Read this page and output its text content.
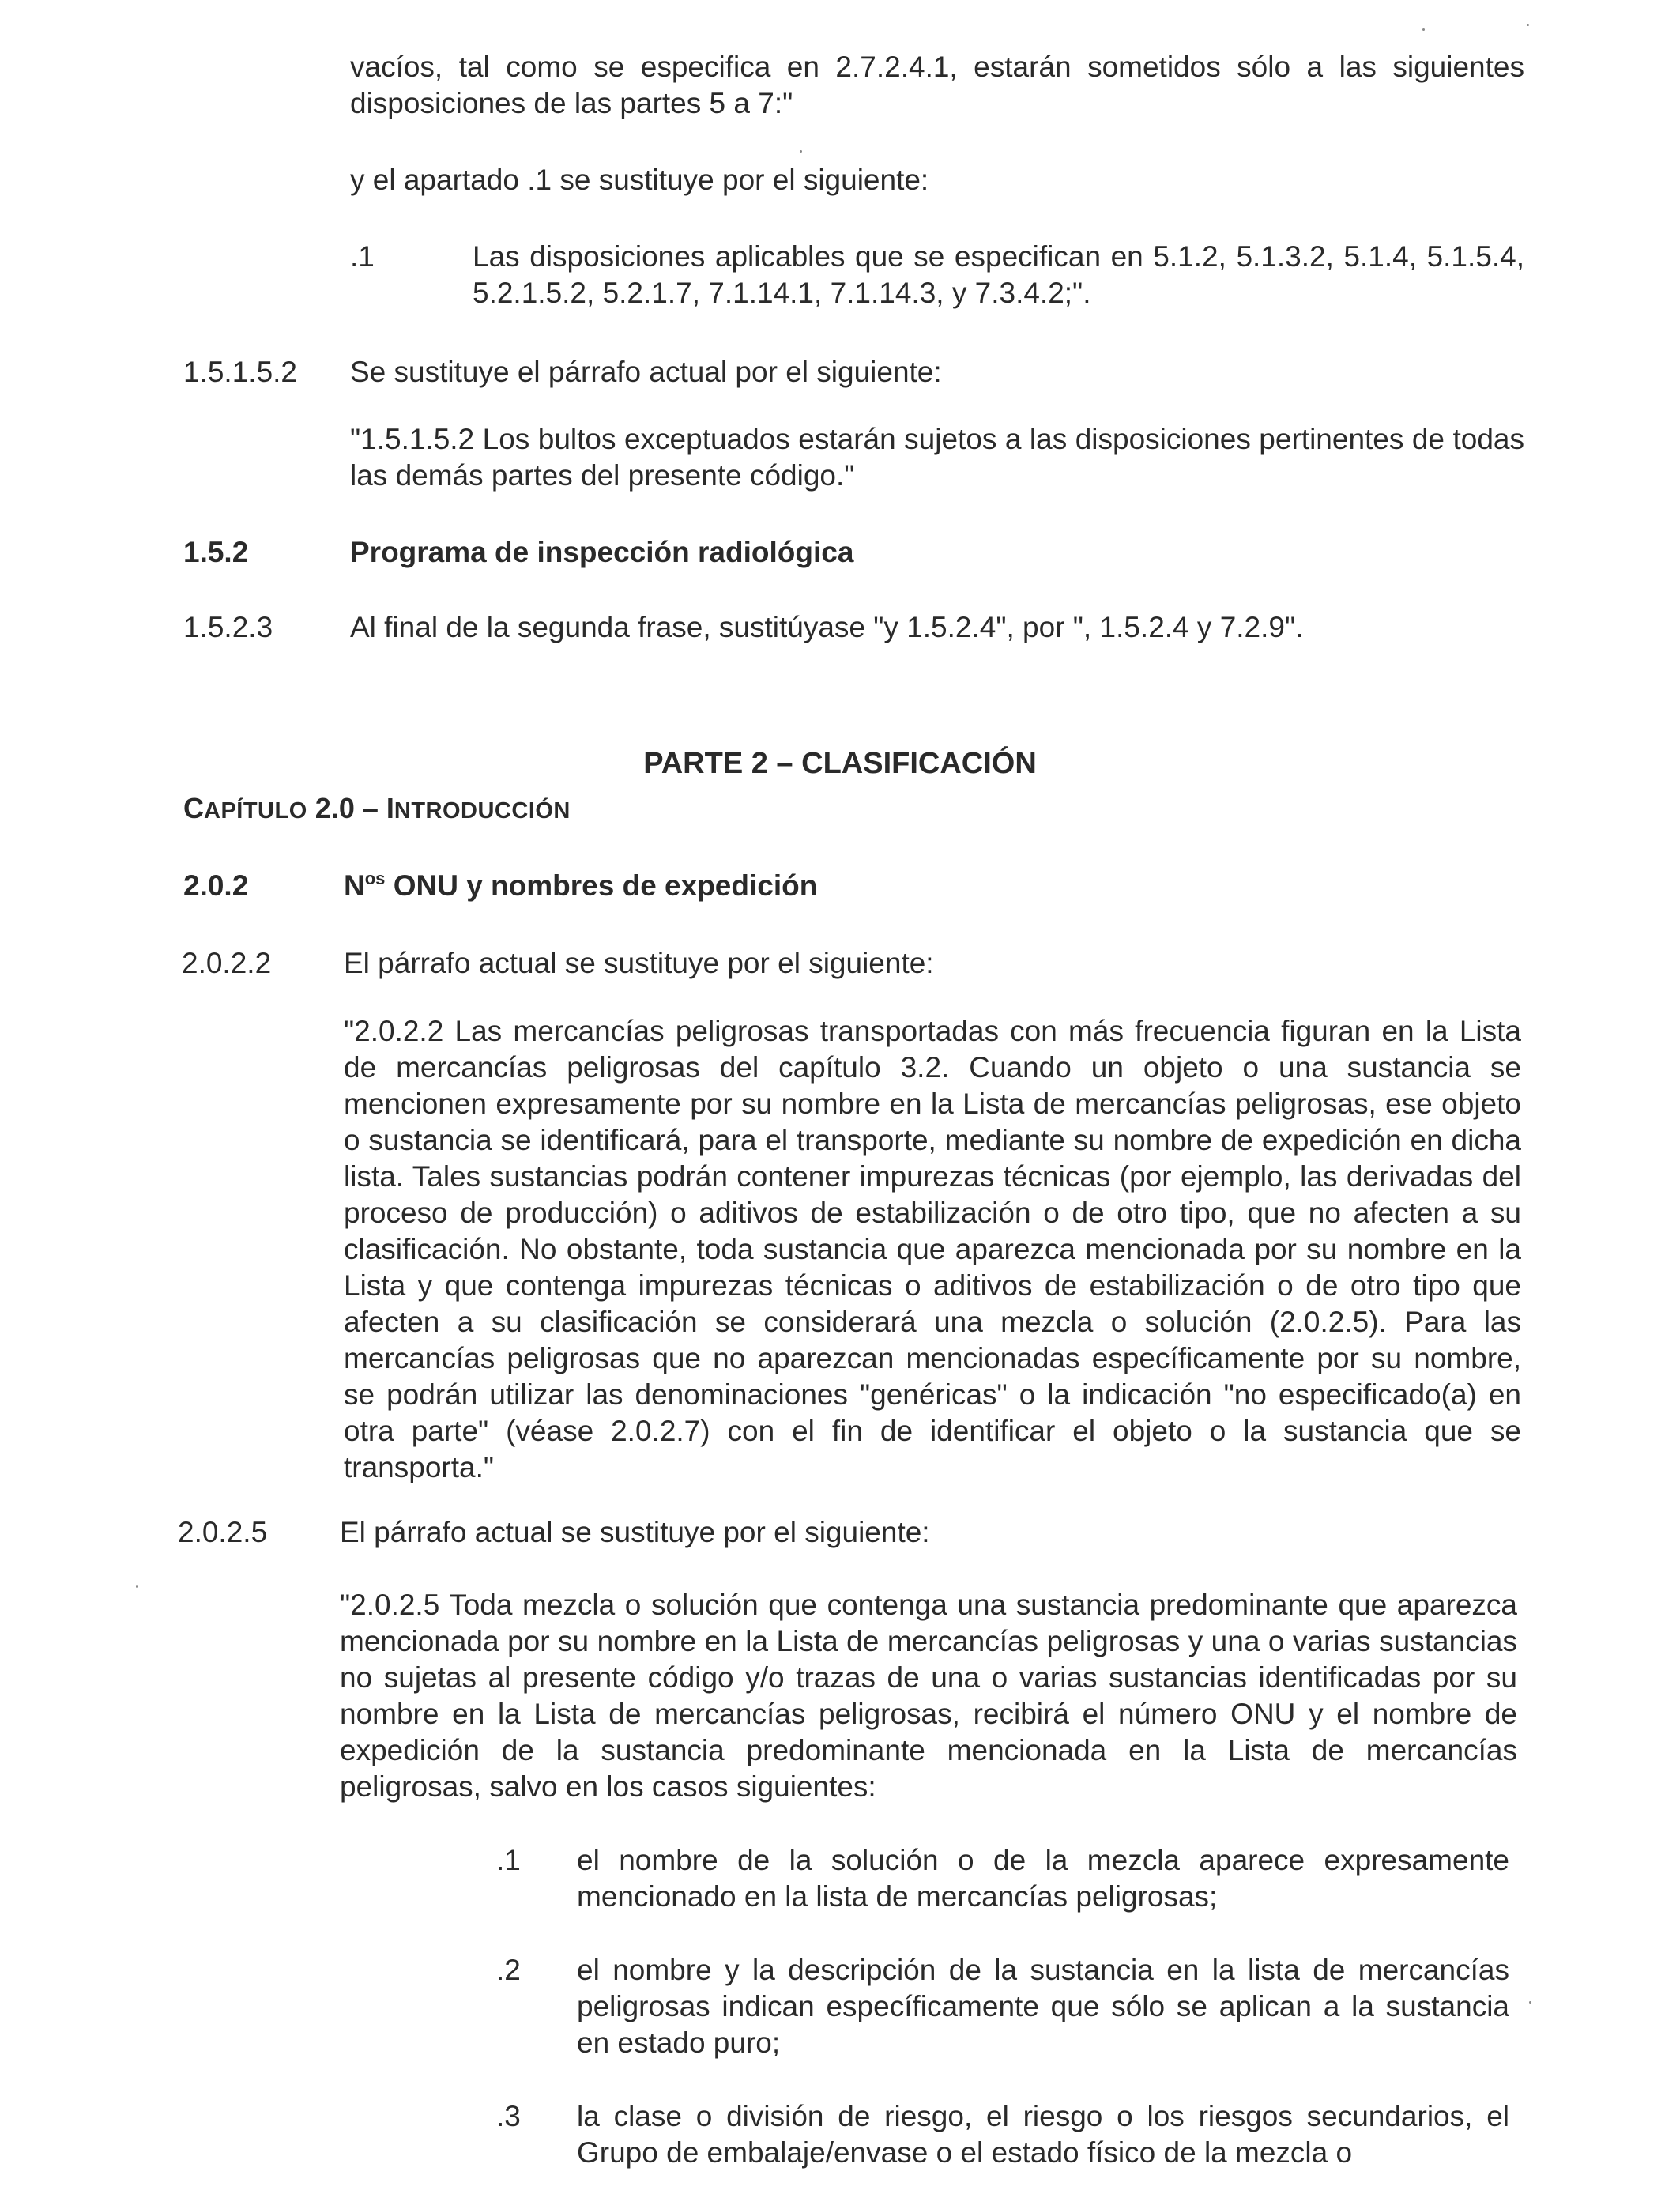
vacíos, tal como se especifica en 2.7.2.4.1, estarán sometidos sólo a las siguientes disposiciones de las partes 5 a 7:"

y el apartado .1 se sustituye por el siguiente:

.1	Las disposiciones aplicables que se especifican en 5.1.2, 5.1.3.2, 5.1.4, 5.1.5.4, 5.2.1.5.2, 5.2.1.7, 7.1.14.1, 7.1.14.3, y 7.3.4.2;".

1.5.1.5.2 Se sustituye el párrafo actual por el siguiente:

"1.5.1.5.2 Los bultos exceptuados estarán sujetos a las disposiciones pertinentes de todas las demás partes del presente código."

1.5.2	Programa de inspección radiológica

1.5.2.3	Al final de la segunda frase, sustitúyase "y 1.5.2.4", por ", 1.5.2.4 y 7.2.9".

PARTE 2 – CLASIFICACIÓN

CAPÍTULO 2.0 – INTRODUCCIÓN

2.0.2	$N^{os}$ ONU y nombres de expedición

2.0.2.2 El párrafo actual se sustituye por el siguiente:

"2.0.2.2 Las mercancías peligrosas transportadas con más frecuencia figuran en la Lista de mercancías peligrosas del capítulo 3.2. Cuando un objeto o una sustancia se mencionen expresamente por su nombre en la Lista de mercancías peligrosas, ese objeto o sustancia se identificará, para el transporte, mediante su nombre de expedición en dicha lista. Tales sustancias podrán contener impurezas técnicas (por ejemplo, las derivadas del proceso de producción) o aditivos de estabilización o de otro tipo, que no afecten a su clasificación. No obstante, toda sustancia que aparezca mencionada por su nombre en la Lista y que contenga impurezas técnicas o aditivos de estabilización o de otro tipo que afecten a su clasificación se considerará una mezcla o solución (2.0.2.5). Para las mercancías peligrosas que no aparezcan mencionadas específicamente por su nombre, se podrán utilizar las denominaciones "genéricas" o la indicación "no especificado(a) en otra parte" (véase 2.0.2.7) con el fin de identificar el objeto o la sustancia que se transporta."

2.0.2.5 El párrafo actual se sustituye por el siguiente:

"2.0.2.5 Toda mezcla o solución que contenga una sustancia predominante que aparezca mencionada por su nombre en la Lista de mercancías peligrosas y una o varias sustancias no sujetas al presente código y/o trazas de una o varias sustancias identificadas por su nombre en la Lista de mercancías peligrosas, recibirá el número ONU y el nombre de expedición de la sustancia predominante mencionada en la Lista de mercancías peligrosas, salvo en los casos siguientes:

.1 el nombre de la solución o de la mezcla aparece expresamente mencionado en la lista de mercancías peligrosas;

.2 el nombre y la descripción de la sustancia en la lista de mercancías peligrosas indican específicamente que sólo se aplican a la sustancia en estado puro;

.3 la clase o división de riesgo, el riesgo o los riesgos secundarios, el Grupo de embalaje/envase o el estado físico de la mezcla o
